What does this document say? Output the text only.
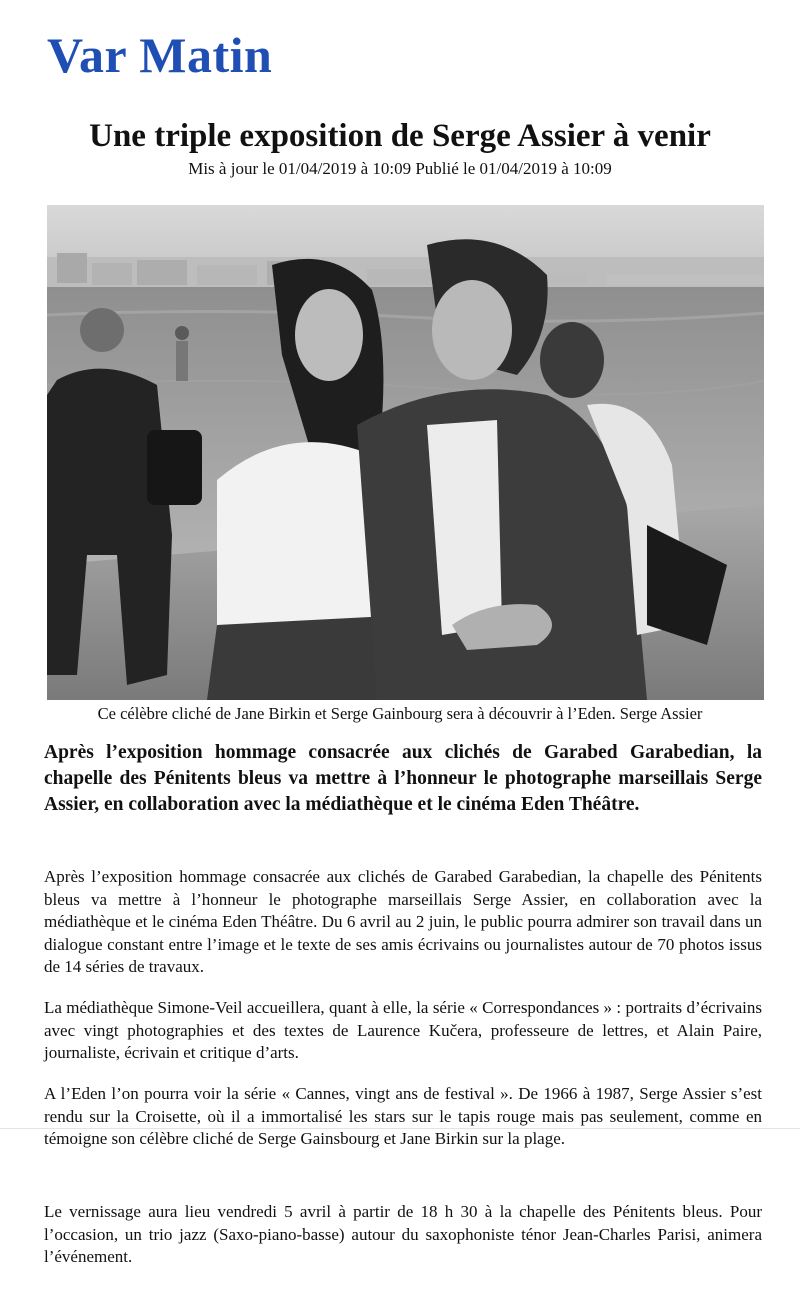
Var Matin
Une triple exposition de Serge Assier à venir
Mis à jour le 01/04/2019 à 10:09 Publié le 01/04/2019 à 10:09
Ce célèbre cliché de Jane Birkin et Serge Gainbourg sera à découvrir à l’Eden. Serge Assier

Après l’exposition hommage consacrée aux clichés de Garabed Garabedian, la chapelle des Pénitents bleus va mettre à l’honneur le photographe marseillais Serge Assier, en collaboration avec la médiathèque et le cinéma Eden Théâtre.

Après l’exposition hommage consacrée aux clichés de Garabed Garabedian, la chapelle des Pénitents bleus va mettre à l’honneur le photographe marseillais Serge Assier, en collaboration avec la médiathèque et le cinéma Eden Théâtre. Du 6 avril au 2 juin, le public pourra admirer son travail dans un dialogue constant entre l’image et le texte de ses amis écrivains ou journalistes autour de 70 photos issus de 14 séries de travaux.

La médiathèque Simone-Veil accueillera, quant à elle, la série « Correspondances » : portraits d’écrivains avec vingt photographies et des textes de Laurence Kučera, professeure de lettres, et Alain Paire, journaliste, écrivain et critique d’arts.

A l’Eden l’on pourra voir la série « Cannes, vingt ans de festival ». De 1966 à 1987, Serge Assier s’est rendu sur la Croisette, où il a immortalisé les stars sur le tapis rouge mais pas seulement, comme en témoigne son célèbre cliché de Serge Gainsbourg et Jane Birkin sur la plage.

Le vernissage aura lieu vendredi 5 avril à partir de 18 h 30 à la chapelle des Pénitents bleus. Pour l’occasion, un trio jazz (Saxo-piano-basse) autour du saxophoniste ténor Jean-Charles Parisi, animera l’événement.
